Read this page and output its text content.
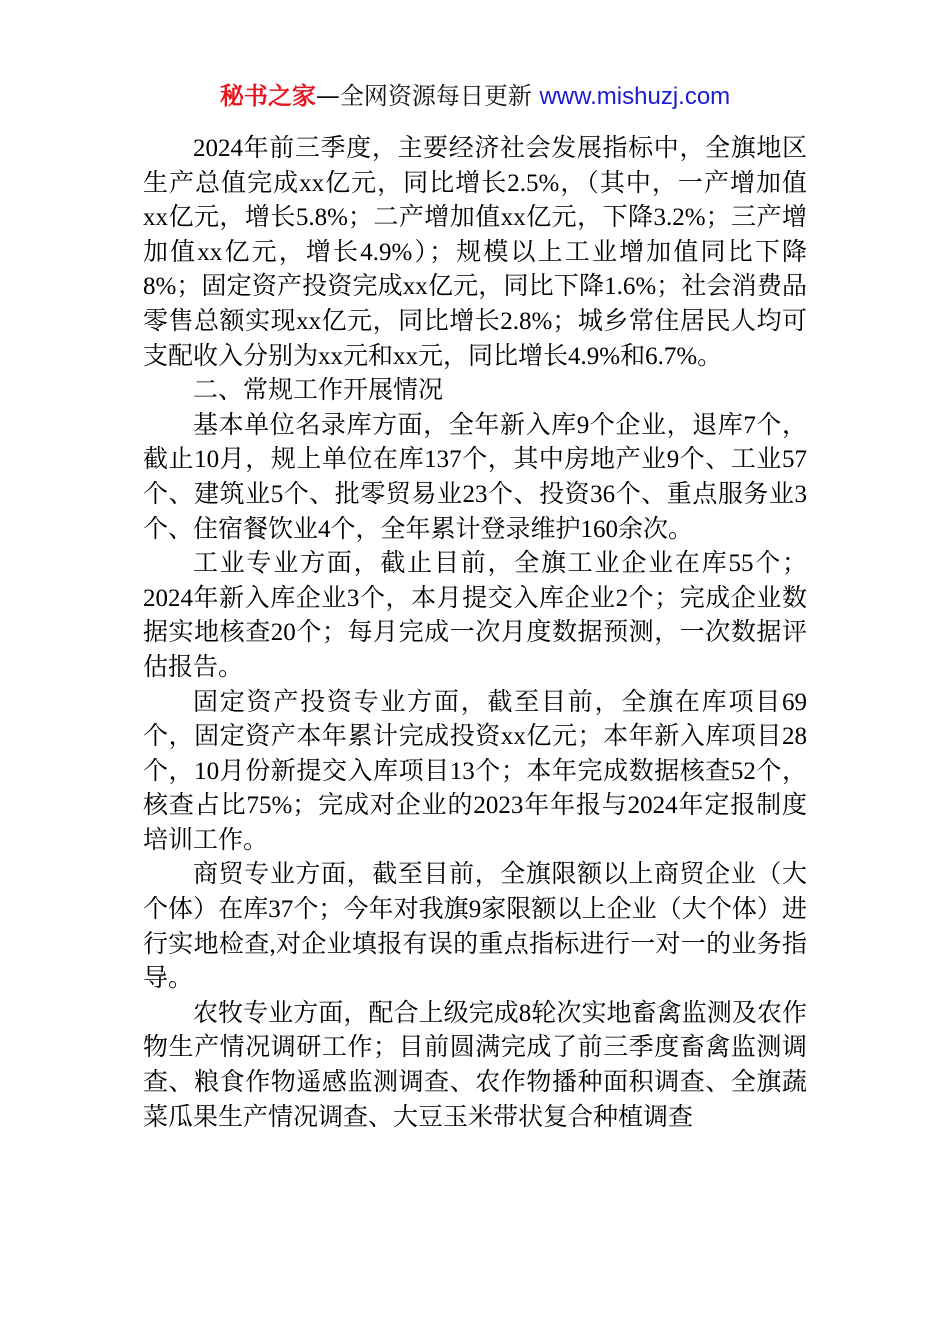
秘书之家—全网资源每日更新 www.mishuzj.com

2024年前三季度，主要经济社会发展指标中，全旗地区生产总值完成xx亿元，同比增长2.5%，（其中，一产增加值xx亿元，增长5.8%；二产增加值xx亿元，下降3.2%；三产增加值xx亿元，增长4.9%）；规模以上工业增加值同比下降8%；固定资产投资完成xx亿元，同比下降1.6%；社会消费品零售总额实现xx亿元，同比增长2.8%；城乡常住居民人均可支配收入分别为xx元和xx元，同比增长4.9%和6.7%。

二、常规工作开展情况

基本单位名录库方面，全年新入库9个企业，退库7个，截止10月，规上单位在库137个，其中房地产业9个、工业57个、建筑业5个、批零贸易业23个、投资36个、重点服务业3个、住宿餐饮业4个，全年累计登录维护160余次。

工业专业方面，截止目前，全旗工业企业在库55个；2024年新入库企业3个，本月提交入库企业2个；完成企业数据实地核查20个；每月完成一次月度数据预测，一次数据评估报告。

固定资产投资专业方面，截至目前，全旗在库项目69个，固定资产本年累计完成投资xx亿元；本年新入库项目28个，10月份新提交入库项目13个；本年完成数据核查52个，核查占比75%；完成对企业的2023年年报与2024年定报制度培训工作。

商贸专业方面，截至目前，全旗限额以上商贸企业（大个体）在库37个；今年对我旗9家限额以上企业（大个体）进行实地检查,对企业填报有误的重点指标进行一对一的业务指导。

农牧专业方面，配合上级完成8轮次实地畜禽监测及农作物生产情况调研工作；目前圆满完成了前三季度畜禽监测调查、粮食作物遥感监测调查、农作物播种面积调查、全旗蔬菜瓜果生产情况调查、大豆玉米带状复合种植调查
